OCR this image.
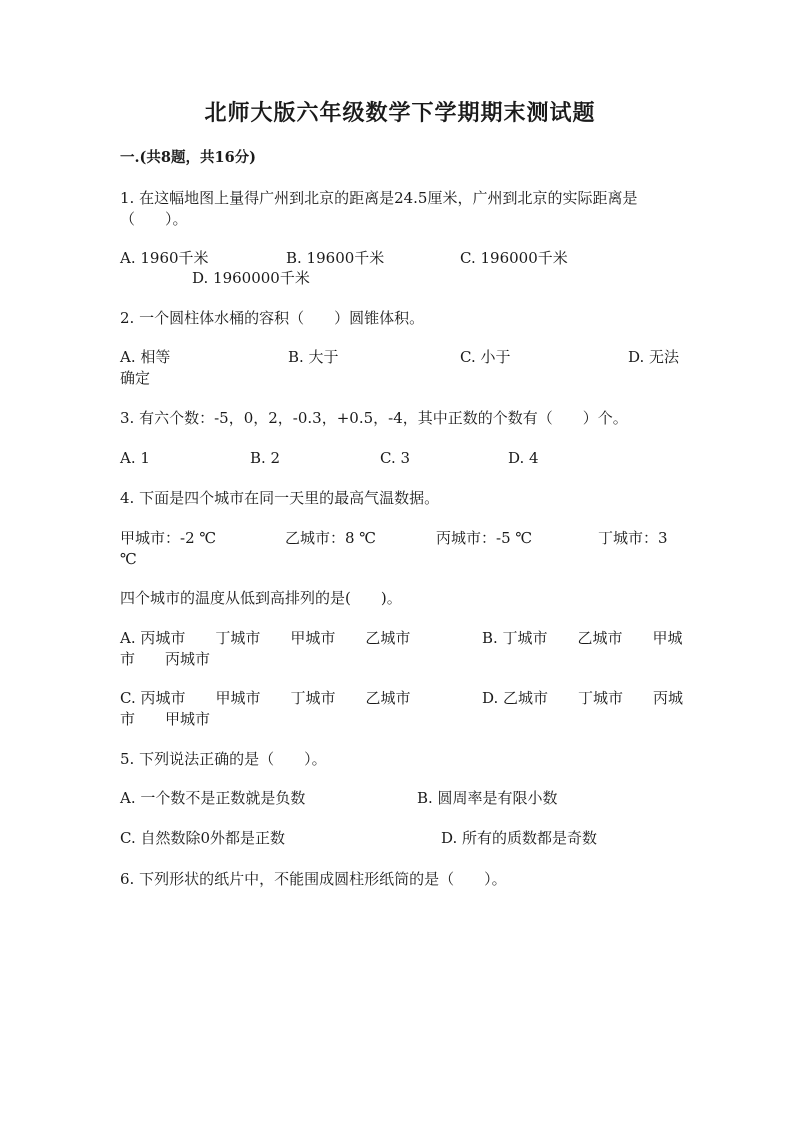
北师大版六年级数学下学期期末测试题
一.(共8题，共16分)
1. 在这幅地图上量得广州到北京的距离是24.5厘米，广州到北京的实际距离是
（　　）。
A. 1960千米	B. 19600千米	C. 196000千米
D. 1960000千米
2. 一个圆柱体水桶的容积（　　）圆锥体积。
A. 相等	B. 大于	C. 小于	D. 无法
确定
3. 有六个数：-5，0，2，-0.3，+0.5，-4，其中正数的个数有（　　）个。
A. 1	B. 2	C. 3	D. 4
4. 下面是四个城市在同一天里的最高气温数据。
甲城市：-2 ℃	乙城市：8 ℃	丙城市：-5 ℃	丁城市：3
℃
四个城市的温度从低到高排列的是(　　)。
A. 丙城市　　丁城市　　甲城市　　乙城市	B. 丁城市　　乙城市　　甲城
市　　丙城市
C. 丙城市　　甲城市　　丁城市　　乙城市	D. 乙城市　　丁城市　　丙城
市　　甲城市
5. 下列说法正确的是（　　）。
A. 一个数不是正数就是负数	B. 圆周率是有限小数
C. 自然数除0外都是正数	D. 所有的质数都是奇数
6. 下列形状的纸片中，不能围成圆柱形纸筒的是（　　）。
